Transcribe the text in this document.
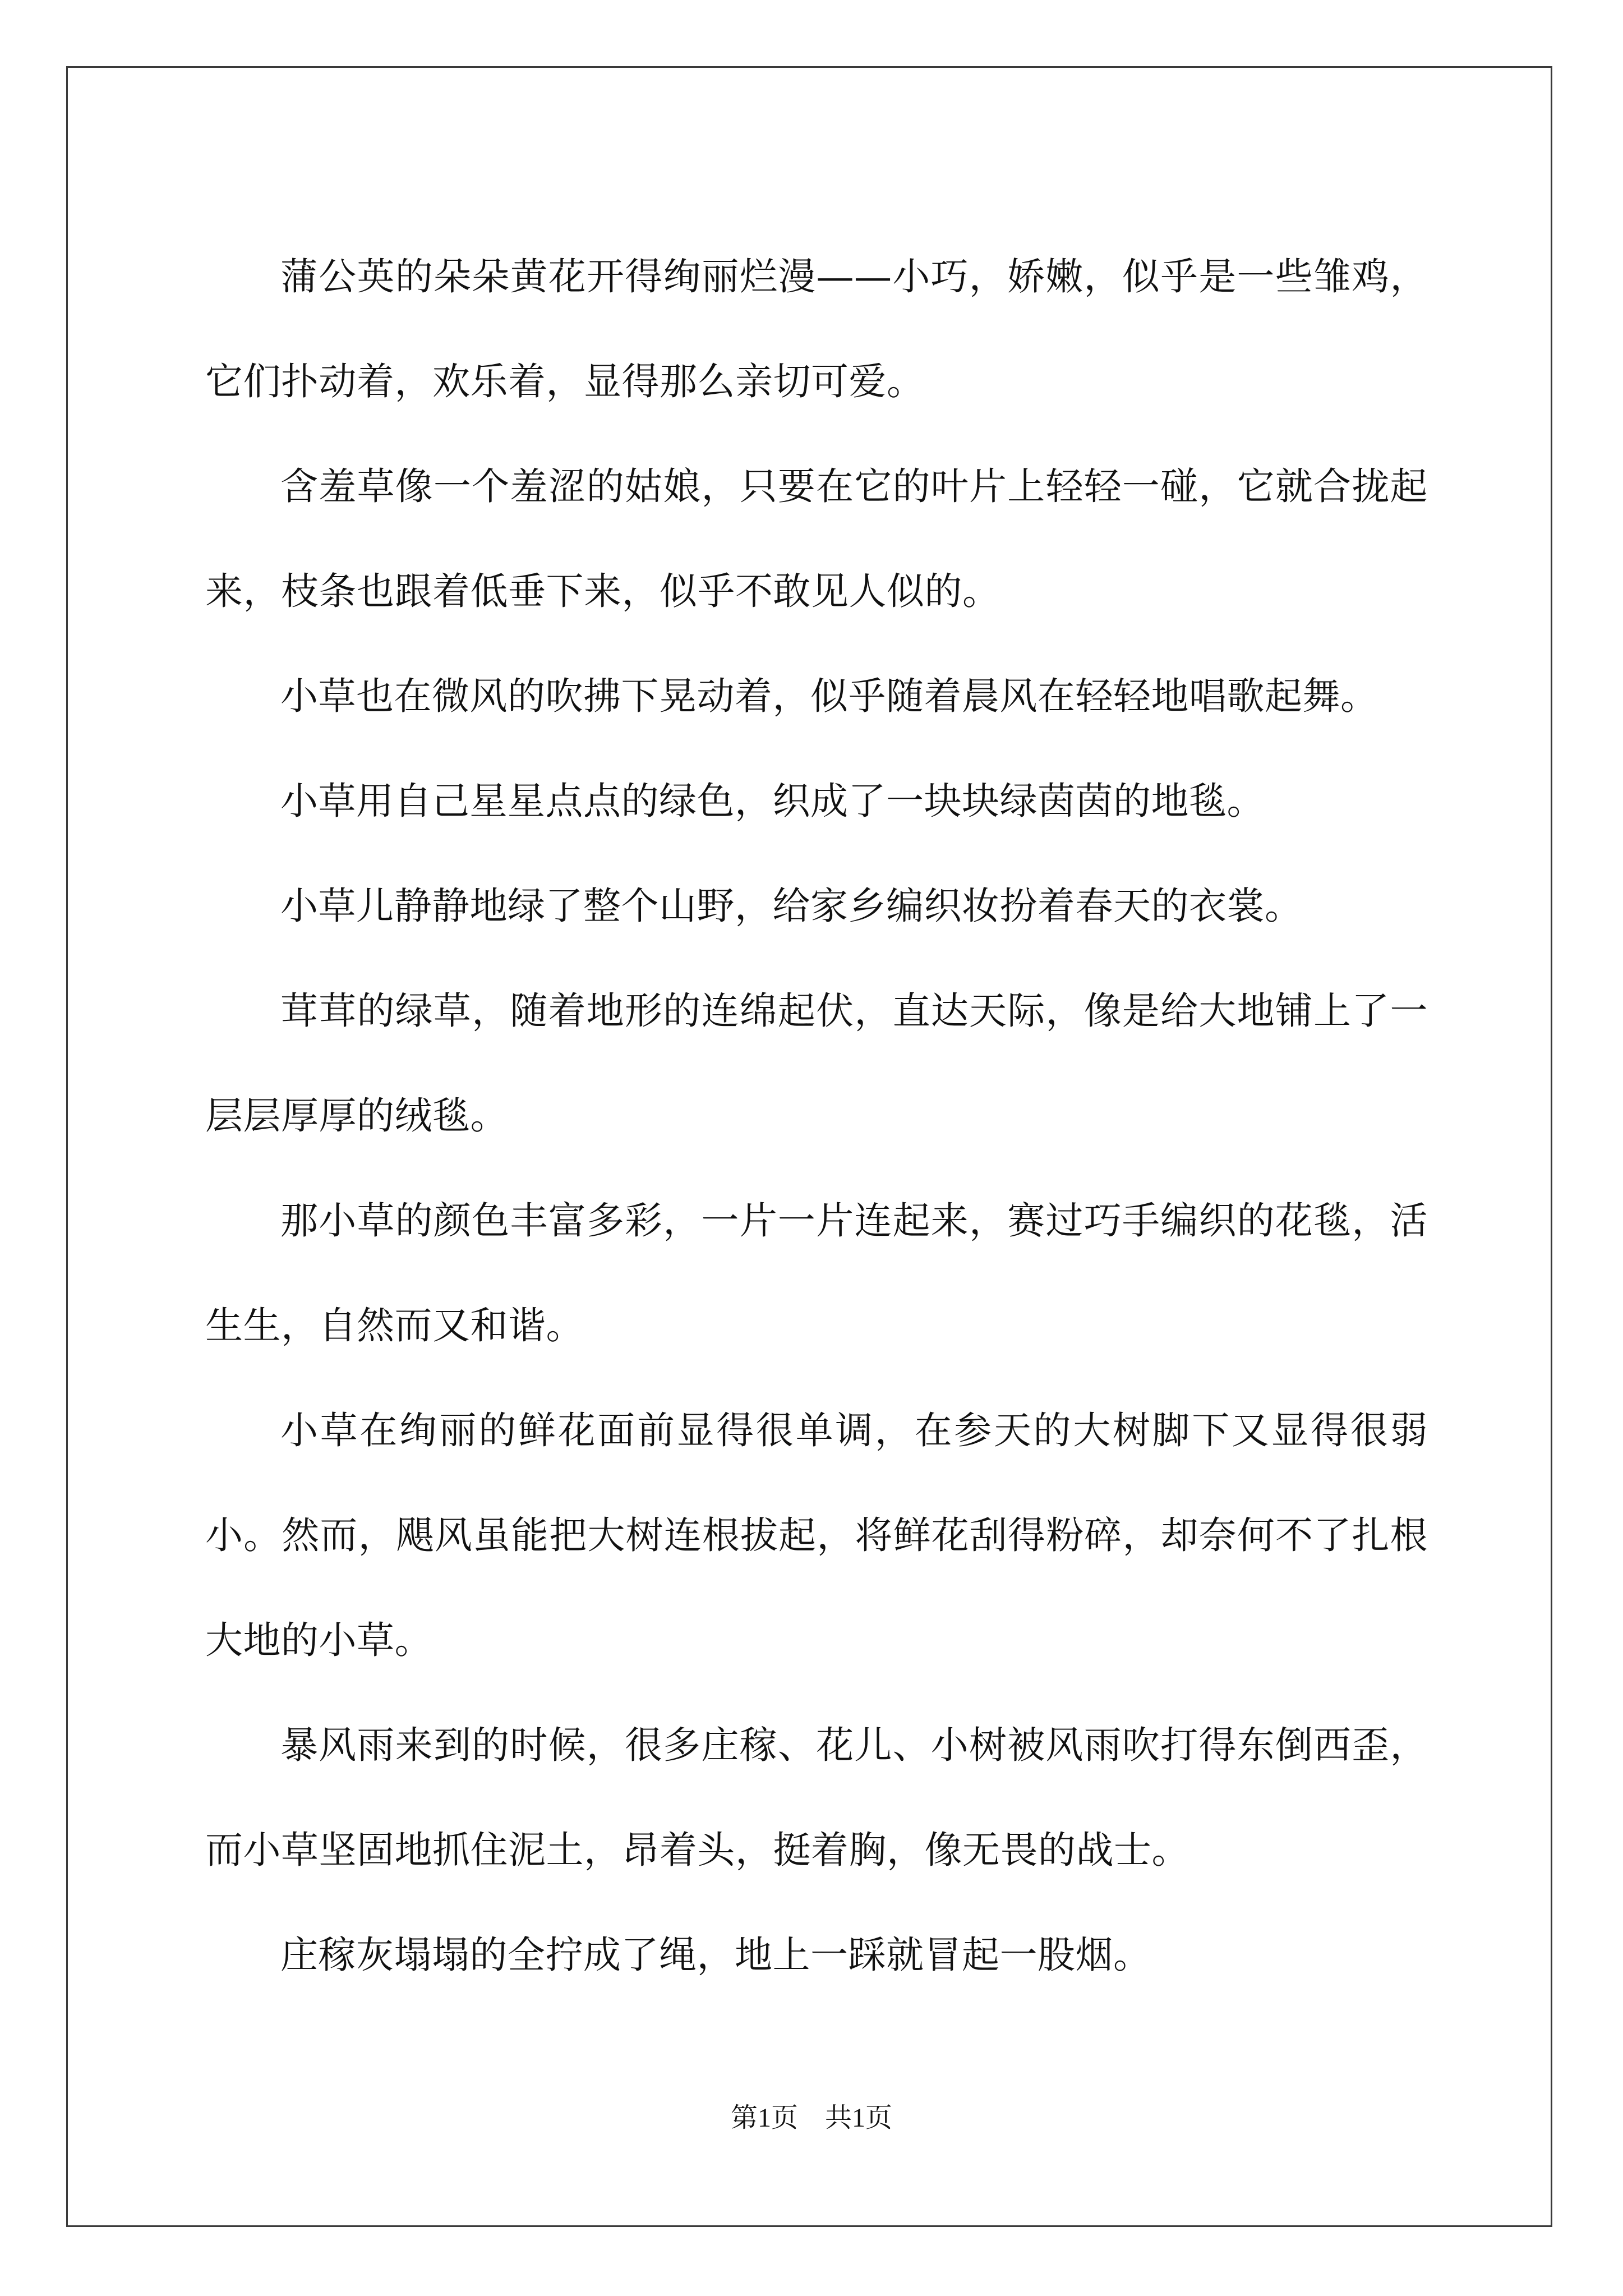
蒲公英的朵朵黄花开得绚丽烂漫——小巧，娇嫩，似乎是一些雏鸡，它们扑动着，欢乐着，显得那么亲切可爱。

含羞草像一个羞涩的姑娘，只要在它的叶片上轻轻一碰，它就合拢起来，枝条也跟着低垂下来，似乎不敢见人似的。

小草也在微风的吹拂下晃动着，似乎随着晨风在轻轻地唱歌起舞。

小草用自己星星点点的绿色，织成了一块块绿茵茵的地毯。

小草儿静静地绿了整个山野，给家乡编织妆扮着春天的衣裳。

茸茸的绿草，随着地形的连绵起伏，直达天际，像是给大地铺上了一层层厚厚的绒毯。

那小草的颜色丰富多彩，一片一片连起来，赛过巧手编织的花毯，活生生，自然而又和谐。

小草在绚丽的鲜花面前显得很单调，在参天的大树脚下又显得很弱小。然而，飓风虽能把大树连根拔起，将鲜花刮得粉碎，却奈何不了扎根大地的小草。

暴风雨来到的时候，很多庄稼、花儿、小树被风雨吹打得东倒西歪，而小草坚固地抓住泥土，昂着头，挺着胸，像无畏的战士。

庄稼灰塌塌的全拧成了绳，地上一踩就冒起一股烟。

第1页 共1页
